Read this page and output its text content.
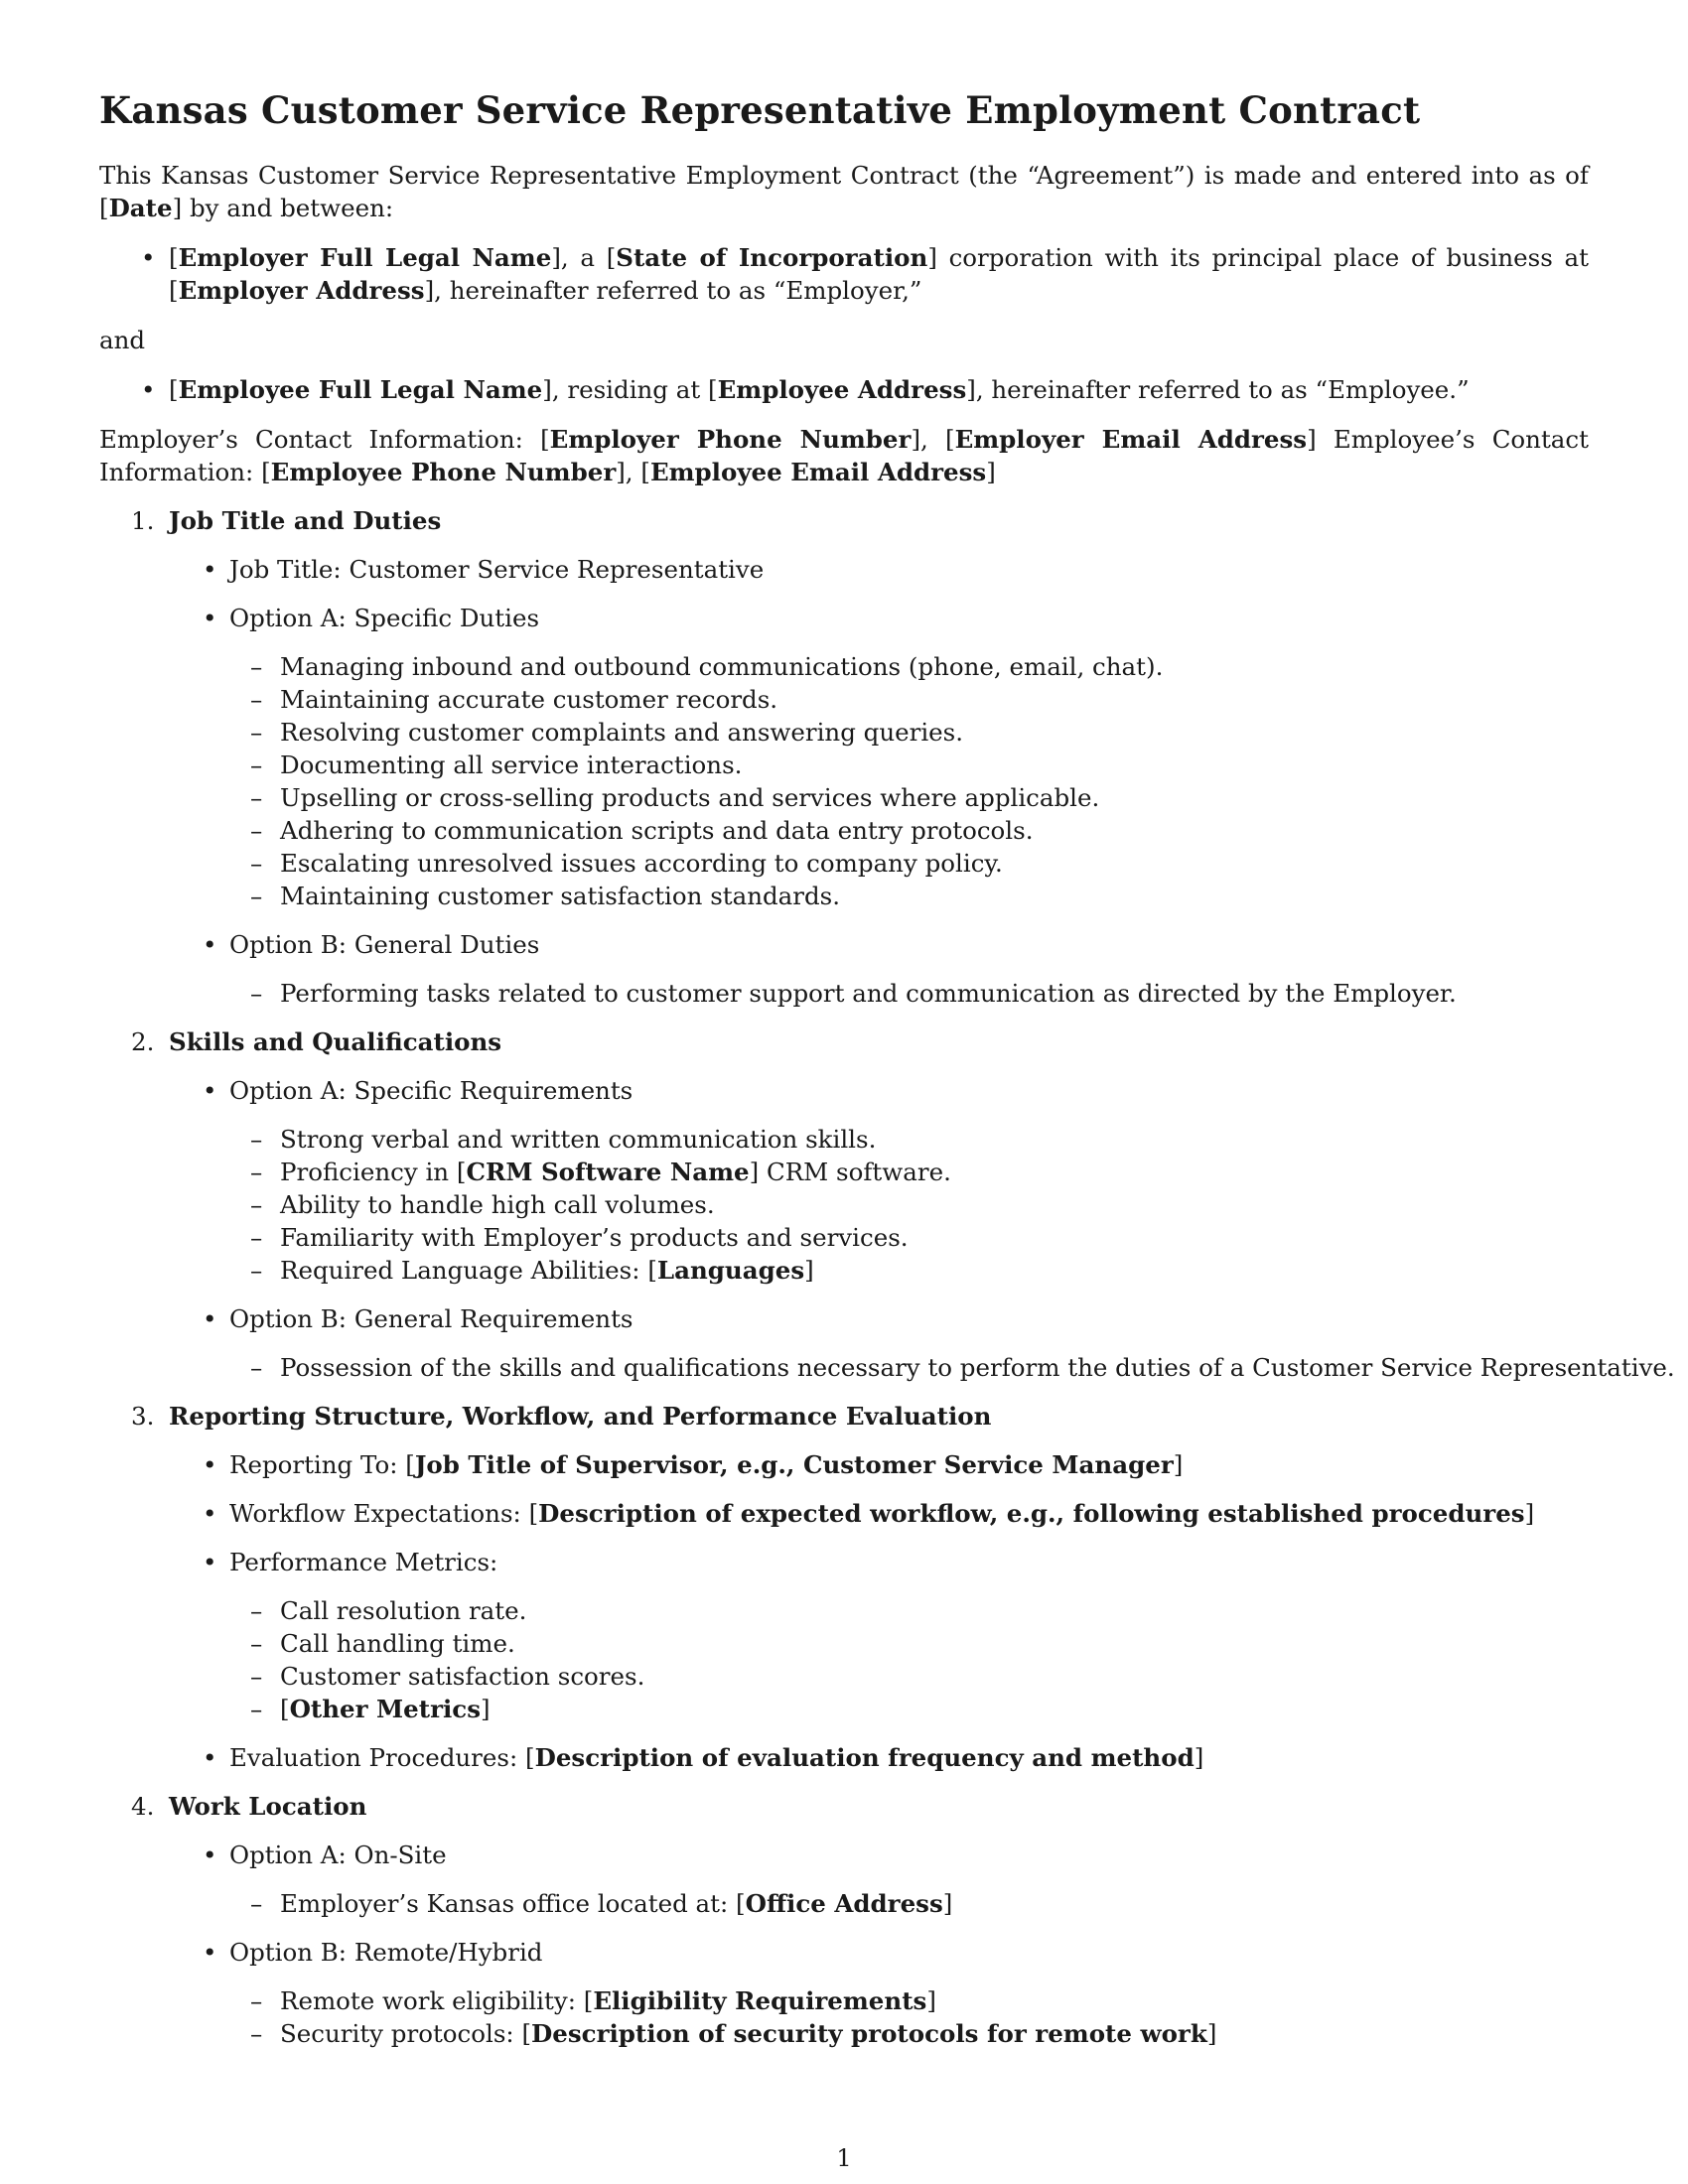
Kansas Customer Service Representative Employment Contract

This Kansas Customer Service Representative Employment Contract (the “Agreement”) is made and entered into as of [Date] by and between:

• [Employer Full Legal Name], a [State of Incorporation] corporation with its principal place of business at [Employer Address], hereinafter referred to as “Employer,”

and

• [Employee Full Legal Name], residing at [Employee Address], hereinafter referred to as “Employee.”

Employer’s Contact Information: [Employer Phone Number], [Employer Email Address] Employee’s Contact Information: [Employee Phone Number], [Employee Email Address]

1. Job Title and Duties

• Job Title: Customer Service Representative

• Option A: Specific Duties

– Managing inbound and outbound communications (phone, email, chat).

– Maintaining accurate customer records.

– Resolving customer complaints and answering queries.

– Documenting all service interactions.

– Upselling or cross-selling products and services where applicable.

– Adhering to communication scripts and data entry protocols.

– Escalating unresolved issues according to company policy.

– Maintaining customer satisfaction standards.

• Option B: General Duties

– Performing tasks related to customer support and communication as directed by the Employer.

2. Skills and Qualifications

• Option A: Specific Requirements

– Strong verbal and written communication skills.

– Proficiency in [CRM Software Name] CRM software.

– Ability to handle high call volumes.

– Familiarity with Employer’s products and services.

– Required Language Abilities: [Languages]

• Option B: General Requirements

– Possession of the skills and qualifications necessary to perform the duties of a Customer Service Representative.

3. Reporting Structure, Workflow, and Performance Evaluation

• Reporting To: [Job Title of Supervisor, e.g., Customer Service Manager]

• Workflow Expectations: [Description of expected workflow, e.g., following established procedures]

• Performance Metrics:

– Call resolution rate.

– Call handling time.

– Customer satisfaction scores.

– [Other Metrics]

• Evaluation Procedures: [Description of evaluation frequency and method]

4. Work Location

• Option A: On-Site

– Employer’s Kansas office located at: [Office Address]

• Option B: Remote/Hybrid

– Remote work eligibility: [Eligibility Requirements]

– Security protocols: [Description of security protocols for remote work]

1
